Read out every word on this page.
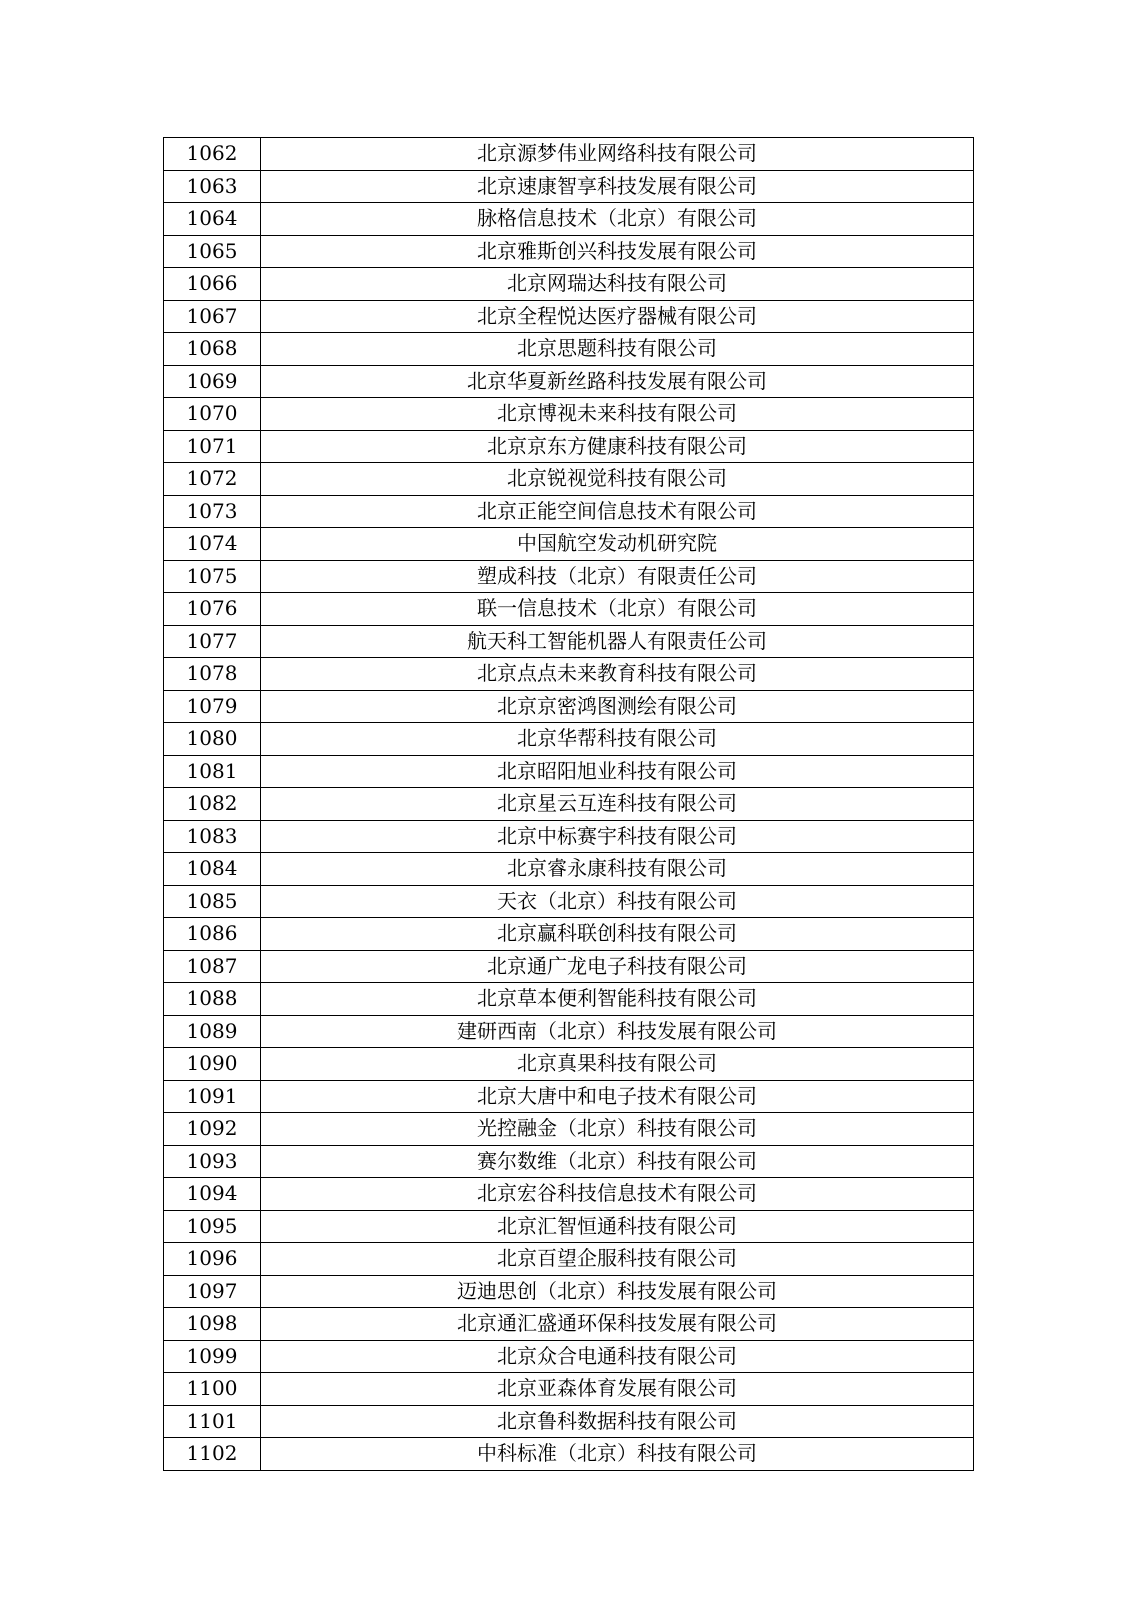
1062	北京源梦伟业网络科技有限公司
1063	北京速康智享科技发展有限公司
1064	脉格信息技术（北京）有限公司
1065	北京雅斯创兴科技发展有限公司
1066	北京网瑞达科技有限公司
1067	北京全程悦达医疗器械有限公司
1068	北京思题科技有限公司
1069	北京华夏新丝路科技发展有限公司
1070	北京博视未来科技有限公司
1071	北京京东方健康科技有限公司
1072	北京锐视觉科技有限公司
1073	北京正能空间信息技术有限公司
1074	中国航空发动机研究院
1075	塑成科技（北京）有限责任公司
1076	联一信息技术（北京）有限公司
1077	航天科工智能机器人有限责任公司
1078	北京点点未来教育科技有限公司
1079	北京京密鸿图测绘有限公司
1080	北京华帮科技有限公司
1081	北京昭阳旭业科技有限公司
1082	北京星云互连科技有限公司
1083	北京中标赛宇科技有限公司
1084	北京睿永康科技有限公司
1085	天衣（北京）科技有限公司
1086	北京赢科联创科技有限公司
1087	北京通广龙电子科技有限公司
1088	北京草本便利智能科技有限公司
1089	建研西南（北京）科技发展有限公司
1090	北京真果科技有限公司
1091	北京大唐中和电子技术有限公司
1092	光控融金（北京）科技有限公司
1093	赛尔数维（北京）科技有限公司
1094	北京宏谷科技信息技术有限公司
1095	北京汇智恒通科技有限公司
1096	北京百望企服科技有限公司
1097	迈迪思创（北京）科技发展有限公司
1098	北京通汇盛通环保科技发展有限公司
1099	北京众合电通科技有限公司
1100	北京亚森体育发展有限公司
1101	北京鲁科数据科技有限公司
1102	中科标准（北京）科技有限公司
